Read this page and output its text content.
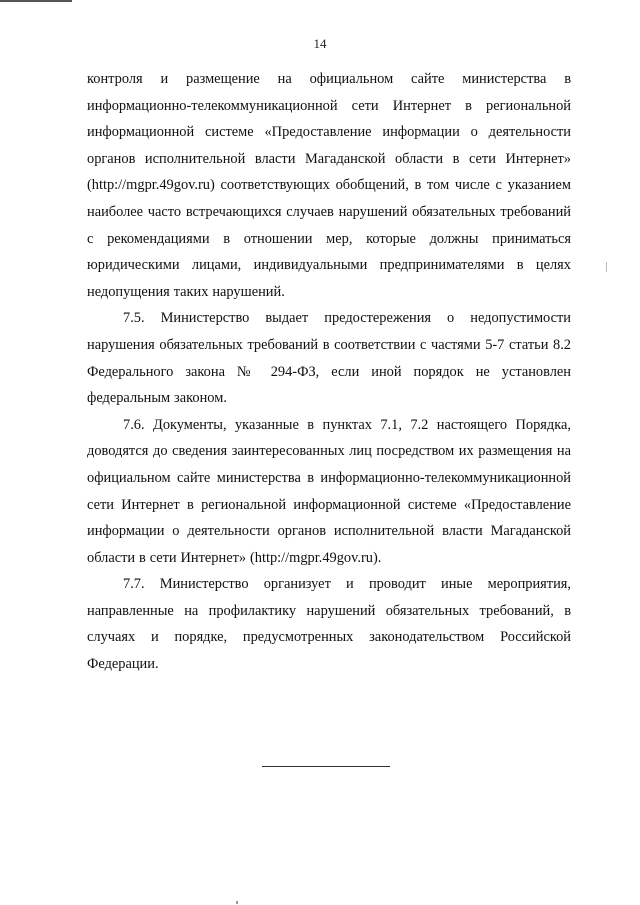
14

контроля и размещение на официальном сайте министерства в информационно-телекоммуникационной сети Интернет в региональной информационной системе «Предоставление информации о деятельности органов исполнительной власти Магаданской области в сети Интернет» (http://mgpr.49gov.ru) соответствующих обобщений, в том числе с указанием наиболее часто встречающихся случаев нарушений обязательных требований с рекомендациями в отношении мер, которые должны приниматься юридическими лицами, индивидуальными предпринимателями в целях недопущения таких нарушений.

7.5. Министерство выдает предостережения о недопустимости нарушения обязательных требований в соответствии с частями 5-7 статьи 8.2 Федерального закона № 294-ФЗ, если иной порядок не установлен федеральным законом.

7.6. Документы, указанные в пунктах 7.1, 7.2 настоящего Порядка, доводятся до сведения заинтересованных лиц посредством их размещения на официальном сайте министерства в информационно-телекоммуникационной сети Интернет в региональной информационной системе «Предоставление информации о деятельности органов исполнительной власти Магаданской области в сети Интернет» (http://mgpr.49gov.ru).

7.7. Министерство организует и проводит иные мероприятия, направленные на профилактику нарушений обязательных требований, в случаях и порядке, предусмотренных законодательством Российской Федерации.
